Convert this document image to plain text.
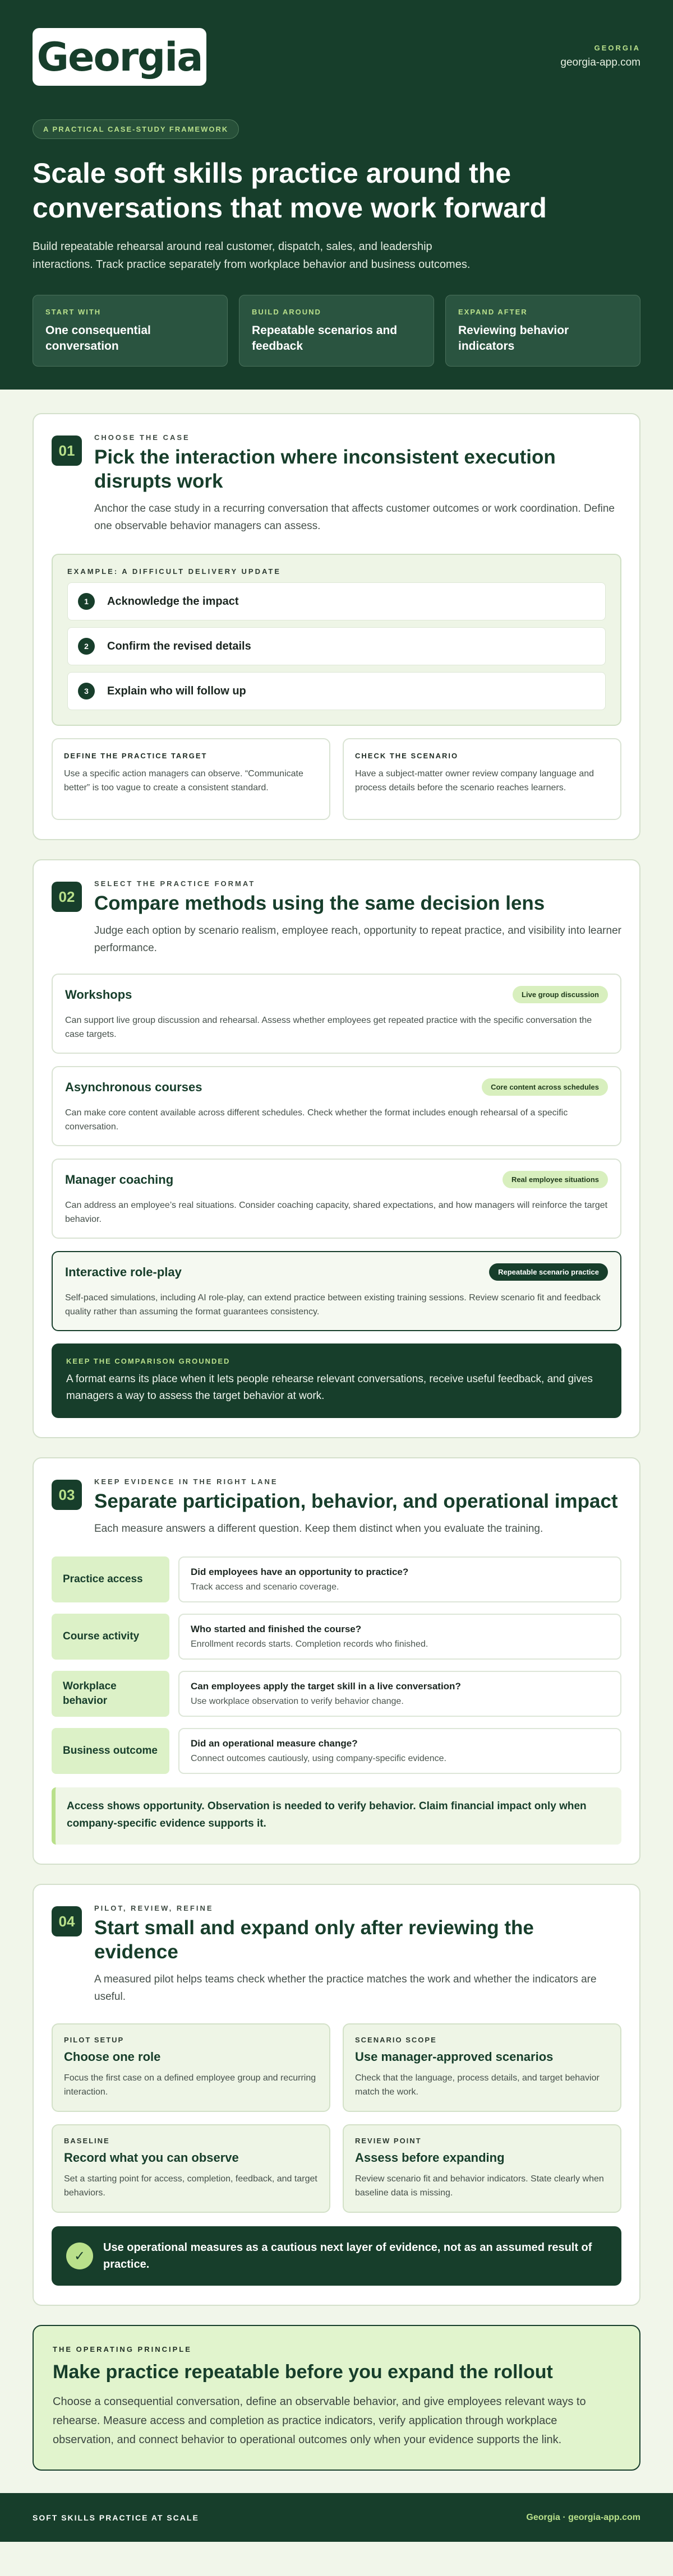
Georgia	GEORGIA
georgia-app.com
A PRACTICAL CASE-STUDY FRAMEWORK
Scale soft skills practice around the conversations that move work forward

Build repeatable rehearsal around real customer, dispatch, sales, and leadership interactions. Track practice separately from workplace behavior and business outcomes.

START WITH
One consequential conversation
BUILD AROUND
Repeatable scenarios and feedback
EXPAND AFTER
Reviewing behavior indicators
01
CHOOSE THE CASE
Pick the interaction where inconsistent execution disrupts work

Anchor the case study in a recurring conversation that affects customer outcomes or work coordination. Define one observable behavior managers can assess.

EXAMPLE: A DIFFICULT DELIVERY UPDATE
1	Acknowledge the impact
2	Confirm the revised details
3	Explain who will follow up
DEFINE THE PRACTICE TARGET
Use a specific action managers can observe. “Communicate better” is too vague to create a consistent standard.
CHECK THE SCENARIO
Have a subject-matter owner review company language and process details before the scenario reaches learners.
02
SELECT THE PRACTICE FORMAT
Compare methods using the same decision lens

Judge each option by scenario realism, employee reach, opportunity to repeat practice, and visibility into learner performance.

Workshops	Live group discussion

Can support live group discussion and rehearsal. Assess whether employees get repeated practice with the specific conversation the case targets.

Asynchronous courses	Core content across schedules

Can make core content available across different schedules. Check whether the format includes enough rehearsal of a specific conversation.

Manager coaching	Real employee situations

Can address an employee’s real situations. Consider coaching capacity, shared expectations, and how managers will reinforce the target behavior.

Interactive role-play	Repeatable scenario practice

Self-paced simulations, including AI role-play, can extend practice between existing training sessions. Review scenario fit and feedback quality rather than assuming the format guarantees consistency.

KEEP THE COMPARISON GROUNDED

A format earns its place when it lets people rehearse relevant conversations, receive useful feedback, and gives managers a way to assess the target behavior at work.

03
KEEP EVIDENCE IN THE RIGHT LANE
Separate participation, behavior, and operational impact

Each measure answers a different question. Keep them distinct when you evaluate the training.

Practice access
Did employees have an opportunity to practice?
Track access and scenario coverage.
Course activity
Who started and finished the course?
Enrollment records starts. Completion records who finished.
Workplace behavior
Can employees apply the target skill in a live conversation?
Use workplace observation to verify behavior change.
Business outcome
Did an operational measure change?
Connect outcomes cautiously, using company-specific evidence.
Access shows opportunity. Observation is needed to verify behavior. Claim financial impact only when company-specific evidence supports it.
04
PILOT, REVIEW, REFINE
Start small and expand only after reviewing the evidence

A measured pilot helps teams check whether the practice matches the work and whether the indicators are useful.

PILOT SETUP
Choose one role
Focus the first case on a defined employee group and recurring interaction.
SCENARIO SCOPE
Use manager-approved scenarios
Check that the language, process details, and target behavior match the work.
BASELINE
Record what you can observe
Set a starting point for access, completion, feedback, and target behaviors.
REVIEW POINT
Assess before expanding
Review scenario fit and behavior indicators. State clearly when baseline data is missing.
✓
Use operational measures as a cautious next layer of evidence, not as an assumed result of practice.
THE OPERATING PRINCIPLE
Make practice repeatable before you expand the rollout

Choose a consequential conversation, define an observable behavior, and give employees relevant ways to rehearse. Measure access and completion as practice indicators, verify application through workplace observation, and connect behavior to operational outcomes only when your evidence supports the link.

SOFT SKILLS PRACTICE AT SCALE	Georgia · georgia-app.com
